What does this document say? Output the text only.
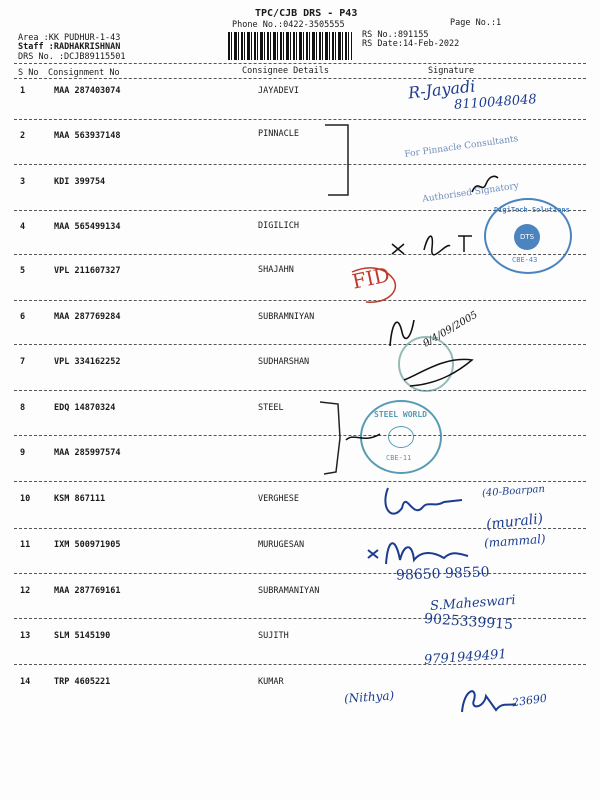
TPC/CJB DRS - P43
Phone No.:0422-3505555	Page No.:1
Area :KK PUDHUR-1-43
Staff :RADHAKRISHNAN
DRS No. :DCJB89115501
RS No.:891155
RS Date:14-Feb-2022
S No Consignment No	Consignee Details	Signature
1	MAA 287403074	JAYADEVI
2	MAA 563937148	PINNACLE
3	KDI 399754
4	MAA 565499134	DIGILICH
5	VPL 211607327	SHAJAHN
6	MAA 287769284	SUBRAMNIYAN
7	VPL 334162252	SUDHARSHAN
8	EDQ 14870324	STEEL
9	MAA 285997574
10	KSM 867111	VERGHESE
11	IXM 500971905	MURUGESAN
12	MAA 287769161	SUBRAMANIYAN
13	SLM 5145190	SUJITH
14	TRP 4605221	KUMAR
R-Jayadi
8110048048
For Pinnacle Consultants
Authorised Signatory
DigiTech Solutions
DTS
CBE-43
FID
9/4/09/2005
STEEL WORLD
CBE-11
(40-Boarpan
(murali)
(mammal)
98650 98550
S.Maheswari
9025339915
9791949491
(Nithya)	23690
